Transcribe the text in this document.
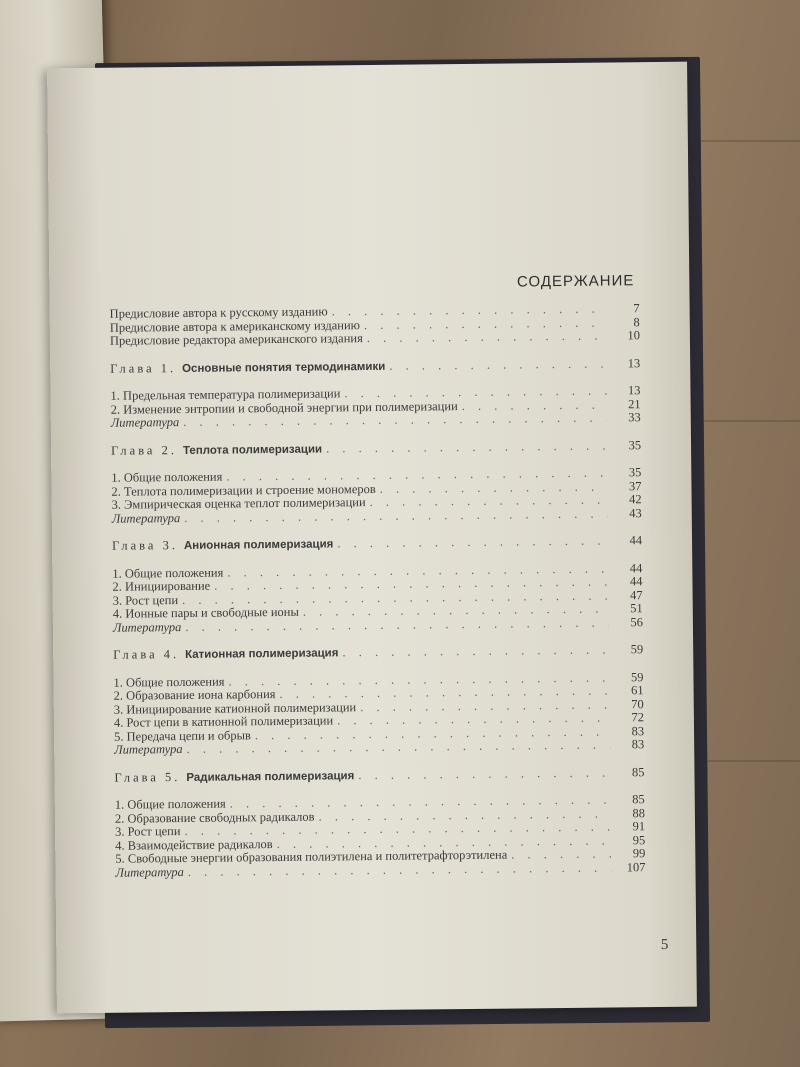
СОДЕРЖАНИЕ
Предисловие автора к русскому изданию . . .	7
Предисловие автора к американскому изданию . . .	8
Предисловие редактора американского издания . . .	10
Глава 1. Основные понятия термодинамики . . .	13
1. Предельная температура полимеризации . . .	13
2. Изменение энтропии и свободной энергии при полимеризации . . .	21
Литература . . .	33
Глава 2. Теплота полимеризации . . .	35
1. Общие положения . . .	35
2. Теплота полимеризации и строение мономеров . . .	37
3. Эмпирическая оценка теплот полимеризации . . .	42
Литература . . .	43
Глава 3. Анионная полимеризация . . .	44
1. Общие положения . . .	44
2. Инициирование . . .	44
3. Рост цепи . . .	47
4. Ионные пары и свободные ионы . . .	51
Литература . . .	56
Глава 4. Катионная полимеризация . . .	59
1. Общие положения . . .	59
2. Образование иона карбония . . .	61
3. Инициирование катионной полимеризации . . .	70
4. Рост цепи в катионной полимеризации . . .	72
5. Передача цепи и обрыв . . .	83
Литература . . .	83
Глава 5. Радикальная полимеризация . . .	85
1. Общие положения . . .	85
2. Образование свободных радикалов . . .	88
3. Рост цепи . . .	91
4. Взаимодействие радикалов . . .	95
5. Свободные энергии образования полиэтилена и политетрафторэтилена . . .	99
Литература . . .	107
5
